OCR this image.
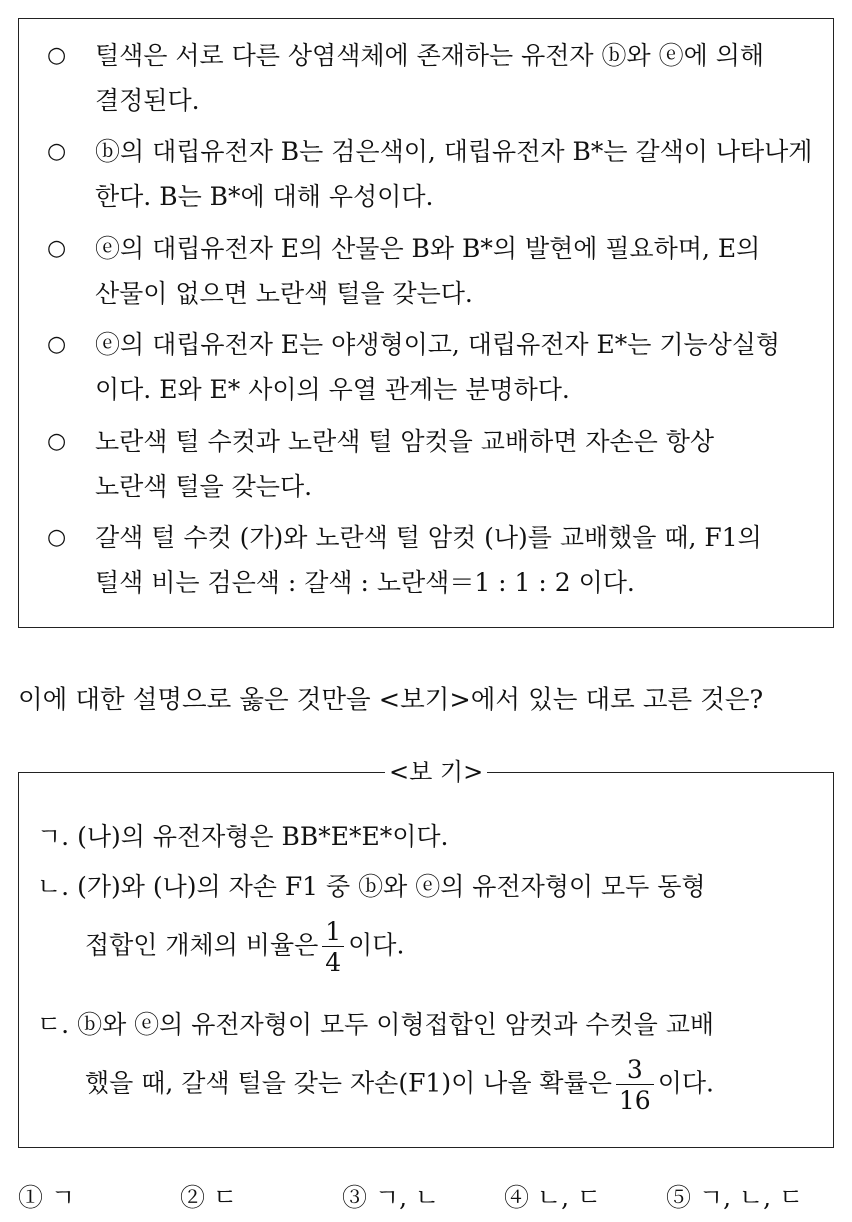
○ 털색은 서로 다른 상염색체에 존재하는 유전자 ⓑ와 ⓔ에 의해
결정된다.
○ ⓑ의 대립유전자 B는 검은색이, 대립유전자 B*는 갈색이 나타나게
한다. B는 B*에 대해 우성이다.
○ ⓔ의 대립유전자 E의 산물은 B와 B*의 발현에 필요하며, E의
산물이 없으면 노란색 털을 갖는다.
○ ⓔ의 대립유전자 E는 야생형이고, 대립유전자 E*는 기능상실형
이다. E와 E* 사이의 우열 관계는 분명하다.
○ 노란색 털 수컷과 노란색 털 암컷을 교배하면 자손은 항상
노란색 털을 갖는다.
○ 갈색 털 수컷 (가)와 노란색 털 암컷 (나)를 교배했을 때, F1의
털색 비는 검은색 : 갈색 : 노란색＝1 : 1 : 2 이다.
이에 대한 설명으로 옳은 것만을 <보기>에서 있는 대로 고른 것은?
<보 기>
ㄱ. (나)의 유전자형은 BB*E*E*이다.
ㄴ. (가)와 (나)의 자손 F1 중 ⓑ와 ⓔ의 유전자형이 모두 동형
접합인 개체의 비율은 $\frac{1}{4}$ 이다.
ㄷ. ⓑ와 ⓔ의 유전자형이 모두 이형접합인 암컷과 수컷을 교배
했을 때, 갈색 털을 갖는 자손(F1)이 나올 확률은 $\frac{3}{16}$ 이다.
① ㄱ	② ㄷ	③ ㄱ, ㄴ	④ ㄴ, ㄷ	⑤ ㄱ, ㄴ, ㄷ
